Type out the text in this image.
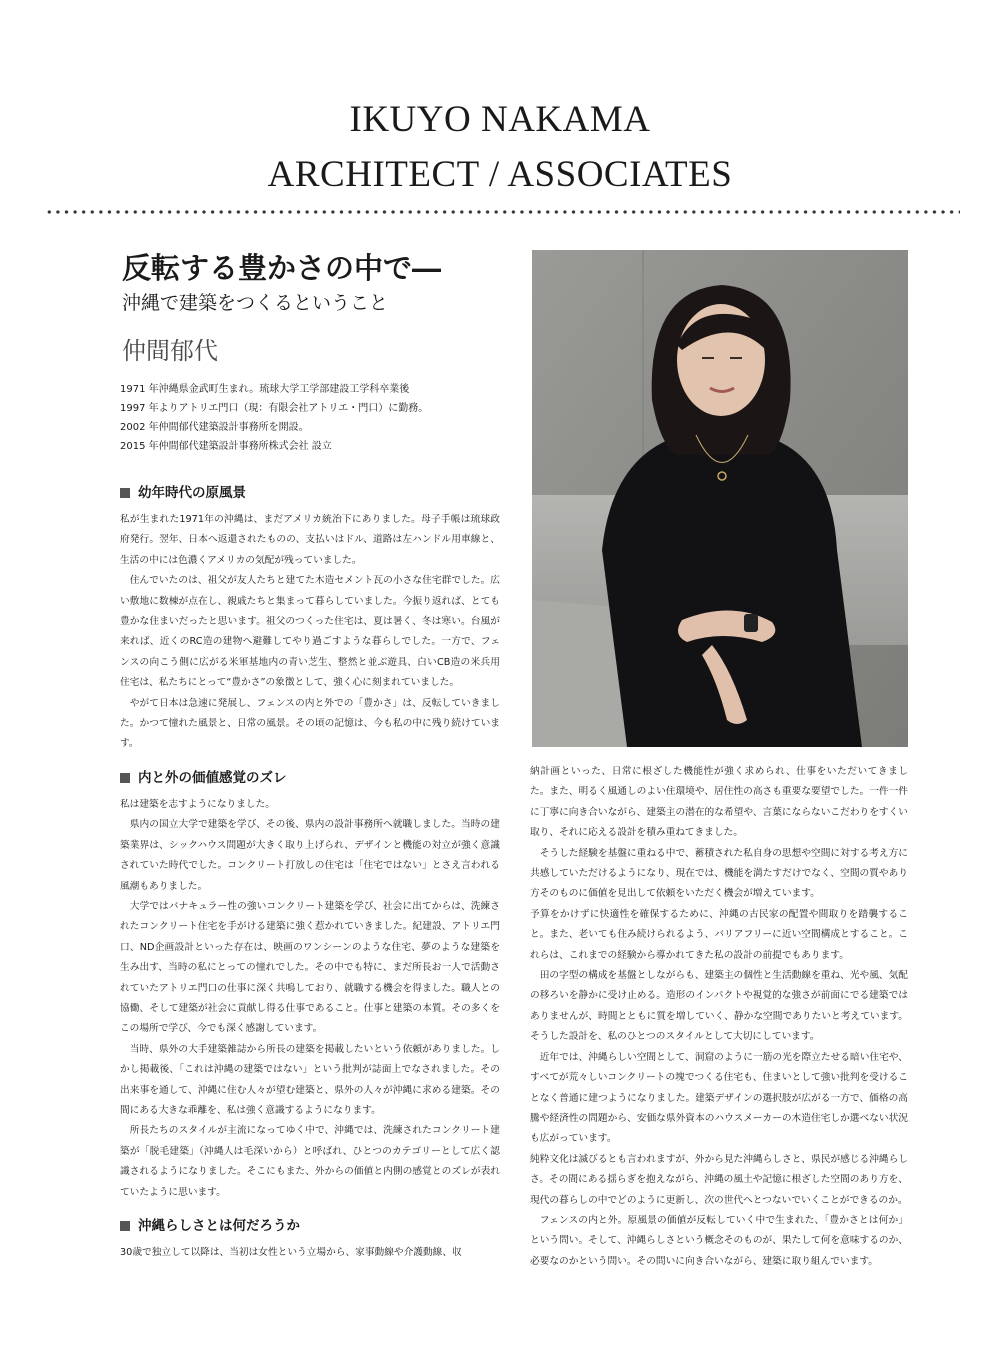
IKUYO NAKAMA
ARCHITECT / ASSOCIATES
反転する豊かさの中で―
沖縄で建築をつくるということ
仲間郁代
1971 年沖縄県金武町生まれ。琉球大学工学部建設工学科卒業後
1997 年よりアトリエ門口（現：有限会社アトリエ・門口）に勤務。
2002 年仲間郁代建築設計事務所を開設。
2015 年仲間郁代建築設計事務所株式会社 設立
幼年時代の原風景

私が生まれた1971年の沖縄は、まだアメリカ統治下にありました。母子手帳は琉球政府発行。翌年、日本へ返還されたものの、支払いはドル、道路は左ハンドル用車線と、生活の中には色濃くアメリカの気配が残っていました。

住んでいたのは、祖父が友人たちと建てた木造セメント瓦の小さな住宅群でした。広い敷地に数棟が点在し、親戚たちと集まって暮らしていました。今振り返れば、とても豊かな住まいだったと思います。祖父のつくった住宅は、夏は暑く、冬は寒い。台風が来れば、近くのRC造の建物へ避難してやり過ごすような暮らしでした。一方で、フェンスの向こう側に広がる米軍基地内の青い芝生、整然と並ぶ遊具、白いCB造の米兵用住宅は、私たちにとって“豊かさ”の象徴として、強く心に刻まれていました。

やがて日本は急速に発展し、フェンスの内と外での「豊かさ」は、反転していきました。かつて憧れた風景と、日常の風景。その頃の記憶は、今も私の中に残り続けています。

内と外の価値感覚のズレ

私は建築を志すようになりました。

県内の国立大学で建築を学び、その後、県内の設計事務所へ就職しました。当時の建築業界は、シックハウス問題が大きく取り上げられ、デザインと機能の対立が強く意識されていた時代でした。コンクリート打放しの住宅は「住宅ではない」とさえ言われる風潮もありました。

大学ではバナキュラー性の強いコンクリート建築を学び、社会に出てからは、洗練されたコンクリート住宅を手がける建築に強く惹かれていきました。紀建設、アトリエ門口、ND企画設計といった存在は、映画のワンシーンのような住宅、夢のような建築を生み出す、当時の私にとっての憧れでした。その中でも特に、まだ所長お一人で活動されていたアトリエ門口の仕事に深く共鳴しており、就職する機会を得ました。職人との協働、そして建築が社会に貢献し得る仕事であること。仕事と建築の本質。その多くをこの場所で学び、今でも深く感謝しています。

当時、県外の大手建築雑誌から所長の建築を掲載したいという依頼がありました。しかし掲載後、「これは沖縄の建築ではない」という批判が誌面上でなされました。その出来事を通して、沖縄に住む人々が望む建築と、県外の人々が沖縄に求める建築。その間にある大きな乖離を、私は強く意識するようになります。

所長たちのスタイルが主流になってゆく中で、沖縄では、洗練されたコンクリート建築が「脱毛建築」（沖縄人は毛深いから）と呼ばれ、ひとつのカテゴリーとして広く認識されるようになりました。そこにもまた、外からの価値と内側の感覚とのズレが表れていたように思います。

沖縄らしさとは何だろうか

30歳で独立して以降は、当初は女性という立場から、家事動線や介護動線、収

納計画といった、日常に根ざした機能性が強く求められ、仕事をいただいてきました。また、明るく風通しのよい住環境や、居住性の高さも重要な要望でした。一件一件に丁寧に向き合いながら、建築主の潜在的な希望や、言葉にならないこだわりをすくい取り、それに応える設計を積み重ねてきました。

そうした経験を基盤に重ねる中で、蓄積された私自身の思想や空間に対する考え方に共感していただけるようになり、現在では、機能を満たすだけでなく、空間の質やあり方そのものに価値を見出して依頼をいただく機会が増えています。

予算をかけずに快適性を確保するために、沖縄の古民家の配置や間取りを踏襲すること。また、老いても住み続けられるよう、バリアフリーに近い空間構成とすること。これらは、これまでの経験から導かれてきた私の設計の前提でもあります。

田の字型の構成を基盤としながらも、建築主の個性と生活動線を重ね、光や風、気配の移ろいを静かに受け止める。造形のインパクトや視覚的な強さが前面にでる建築ではありませんが、時間とともに質を増していく、静かな空間でありたいと考えています。そうした設計を、私のひとつのスタイルとして大切にしています。

近年では、沖縄らしい空間として、洞窟のように一筋の光を際立たせる暗い住宅や、すべてが荒々しいコンクリートの塊でつくる住宅も、住まいとして強い批判を受けることなく普通に建つようになりました。建築デザインの選択肢が広がる一方で、価格の高騰や経済性の問題から、安価な県外資本のハウスメーカーの木造住宅しか選べない状況も広がっています。

純粋文化は滅びるとも言われますが、外から見た沖縄らしさと、県民が感じる沖縄らしさ。その間にある揺らぎを抱えながら、沖縄の風土や記憶に根ざした空間のあり方を、現代の暮らしの中でどのように更新し、次の世代へとつないでいくことができるのか。

フェンスの内と外。原風景の価値が反転していく中で生まれた、「豊かさとは何か」という問い。そして、沖縄らしさという概念そのものが、果たして何を意味するのか、必要なのかという問い。その問いに向き合いながら、建築に取り組んでいます。
